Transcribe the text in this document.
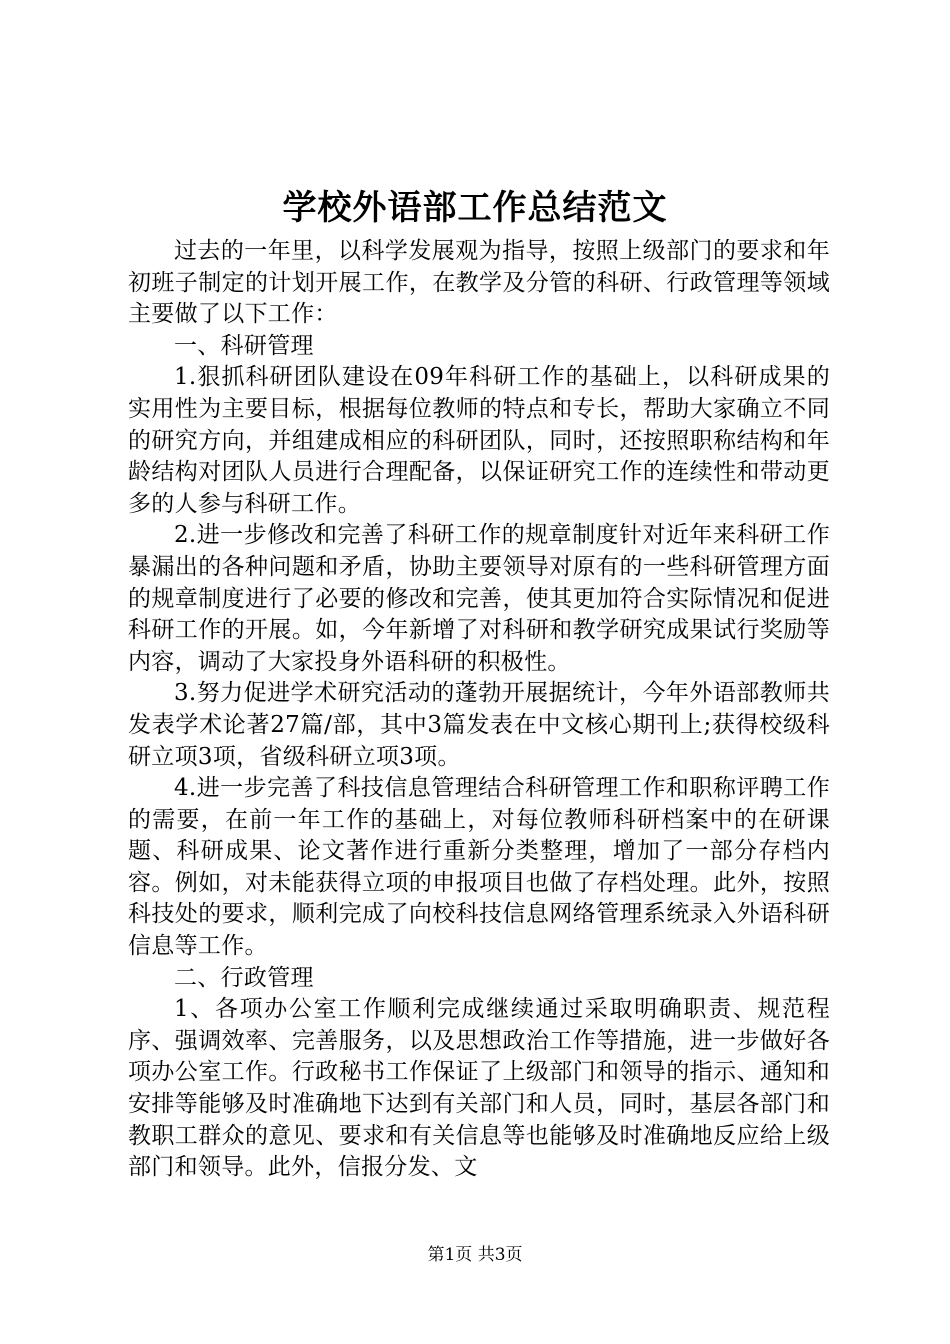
学校外语部工作总结范文

过去的一年里，以科学发展观为指导，按照上级部门的要求和年初班子制定的计划开展工作，在教学及分管的科研、行政管理等领域主要做了以下工作：

一、科研管理

1.狠抓科研团队建设在09年科研工作的基础上，以科研成果的实用性为主要目标，根据每位教师的特点和专长，帮助大家确立不同的研究方向，并组建成相应的科研团队，同时，还按照职称结构和年龄结构对团队人员进行合理配备，以保证研究工作的连续性和带动更多的人参与科研工作。

2.进一步修改和完善了科研工作的规章制度针对近年来科研工作暴漏出的各种问题和矛盾，协助主要领导对原有的一些科研管理方面的规章制度进行了必要的修改和完善，使其更加符合实际情况和促进科研工作的开展。如，今年新增了对科研和教学研究成果试行奖励等内容，调动了大家投身外语科研的积极性。

3.努力促进学术研究活动的蓬勃开展据统计，今年外语部教师共发表学术论著27篇/部，其中3篇发表在中文核心期刊上;获得校级科研立项3项，省级科研立项3项。

4.进一步完善了科技信息管理结合科研管理工作和职称评聘工作的需要，在前一年工作的基础上，对每位教师科研档案中的在研课题、科研成果、论文著作进行重新分类整理，增加了一部分存档内容。例如，对未能获得立项的申报项目也做了存档处理。此外，按照科技处的要求，顺利完成了向校科技信息网络管理系统录入外语科研信息等工作。

二、行政管理

1、各项办公室工作顺利完成继续通过采取明确职责、规范程序、强调效率、完善服务，以及思想政治工作等措施，进一步做好各项办公室工作。行政秘书工作保证了上级部门和领导的指示、通知和安排等能够及时准确地下达到有关部门和人员，同时，基层各部门和教职工群众的意见、要求和有关信息等也能够及时准确地反应给上级部门和领导。此外，信报分发、文

第1页 共3页
